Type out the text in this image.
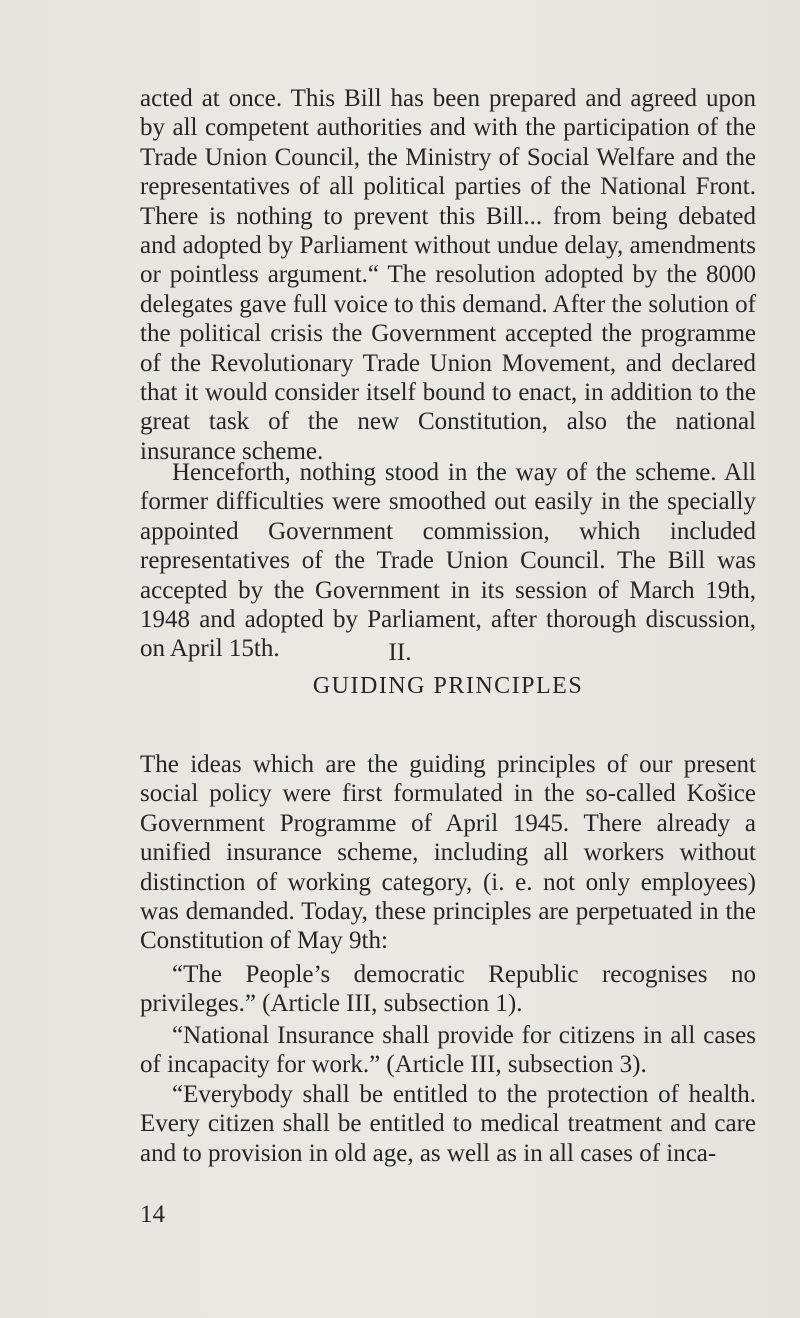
acted at once. This Bill has been prepared and agreed upon by all competent authorities and with the participation of the Trade Union Council, the Ministry of Social Welfare and the representatives of all political parties of the National Front. There is nothing to prevent this Bill... from being debated and adopted by Parliament without undue delay, amendments or pointless argument.“ The resolution adopted by the 8000 delegates gave full voice to this demand. After the solution of the political crisis the Government accepted the programme of the Revolutionary Trade Union Movement, and declared that it would consider itself bound to enact, in addition to the great task of the new Constitution, also the national insurance scheme.

Henceforth, nothing stood in the way of the scheme. All former difficulties were smoothed out easily in the specially appointed Government commission, which included representatives of the Trade Union Council. The Bill was accepted by the Government in its session of March 19th, 1948 and adopted by Parliament, after thorough discussion, on April 15th.	II.
GUIDING PRINCIPLES

The ideas which are the guiding principles of our present social policy were first formulated in the so-called Košice Government Programme of April 1945. There already a unified insurance scheme, including all workers without distinction of working category, (i. e. not only employees) was demanded. Today, these principles are perpetuated in the Constitution of May 9th:

“The People’s democratic Republic recognises no privileges.” (Article III, subsection 1).

“National Insurance shall provide for citizens in all cases of incapacity for work.” (Article III, subsection 3).

“Everybody shall be entitled to the protection of health. Every citizen shall be entitled to medical treatment and care and to provision in old age, as well as in all cases of inca-

14
